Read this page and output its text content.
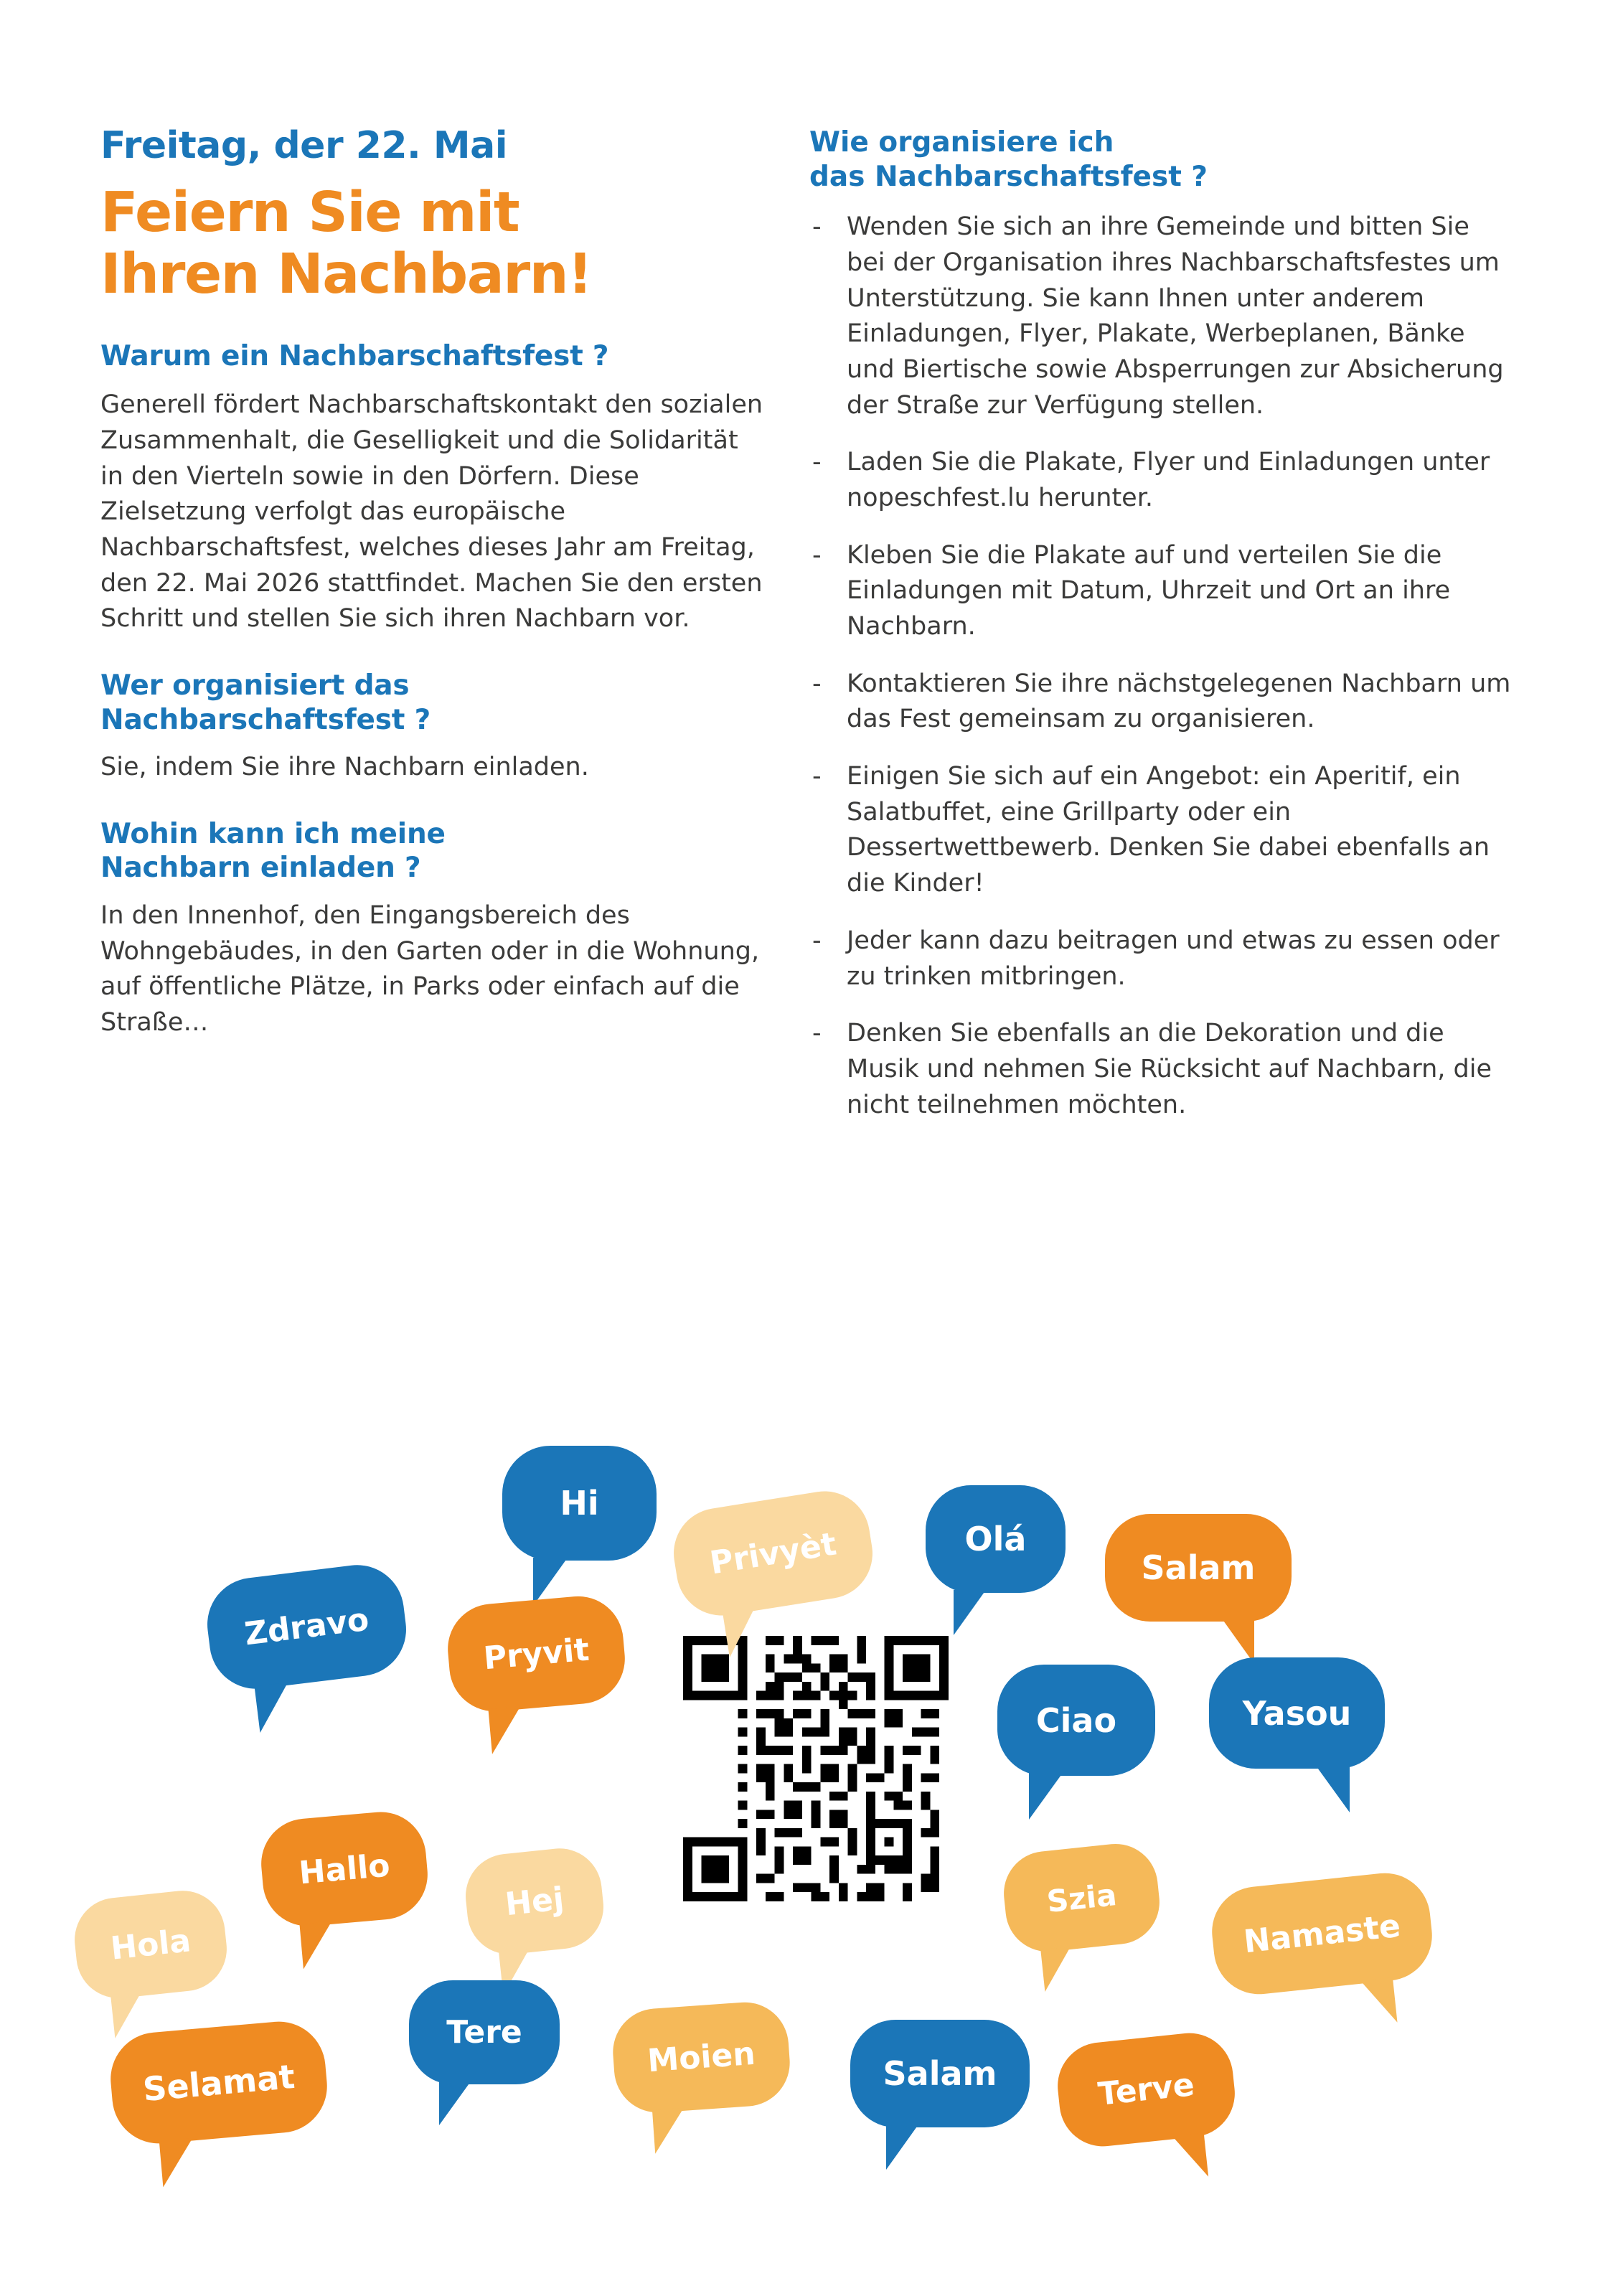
Freitag, der 22. Mai
Feiern Sie mit
Ihren Nachbarn!
Warum ein Nachbarschaftsfest ?

Generell fördert Nachbarschaftskontakt den sozialen Zusammenhalt, die Geselligkeit und die Solidarität in den Vierteln sowie in den Dörfern. Diese Zielsetzung verfolgt das europäische Nachbarschaftsfest, welches dieses Jahr am Freitag, den 22. Mai 2026 stattfindet. Machen Sie den ersten Schritt und stellen Sie sich ihren Nachbarn vor.

Wer organisiert das
Nachbarschaftsfest ?

Sie, indem Sie ihre Nachbarn einladen.

Wohin kann ich meine
Nachbarn einladen ?

In den Innenhof, den Eingangsbereich des Wohngebäudes, in den Garten oder in die Wohnung, auf öffentliche Plätze, in Parks oder einfach auf die Straße…

Wie organisiere ich
das Nachbarschaftsfest ?
- Wenden Sie sich an ihre Gemeinde und bitten Sie bei der Organisation ihres Nachbarschaftsfestes um Unterstützung. Sie kann Ihnen unter anderem Einladungen, Flyer, Plakate, Werbeplanen, Bänke und Biertische sowie Absperrungen zur Absicherung der Straße zur Verfügung stellen.
- Laden Sie die Plakate, Flyer und Einladungen unter nopeschfest.lu herunter.
- Kleben Sie die Plakate auf und verteilen Sie die Einladungen mit Datum, Uhrzeit und Ort an ihre Nachbarn.
- Kontaktieren Sie ihre nächstgelegenen Nachbarn um das Fest gemeinsam zu organisieren.
- Einigen Sie sich auf ein Angebot: ein Aperitif, ein Salatbuffet, eine Grillparty oder ein Dessertwettbewerb. Denken Sie dabei ebenfalls an die Kinder!
- Jeder kann dazu beitragen und etwas zu essen oder zu trinken mitbringen.
- Denken Sie ebenfalls an die Dekoration und die Musik und nehmen Sie Rücksicht auf Nachbarn, die nicht teilnehmen möchten.
Hi
Privyèt	Olá
Salam
Zdravo
Pryvit
Ciao	Yasou
Hallo
Hej	Szia
Namaste
Hola
Tere
Moien	Salam	Terve
Selamat
